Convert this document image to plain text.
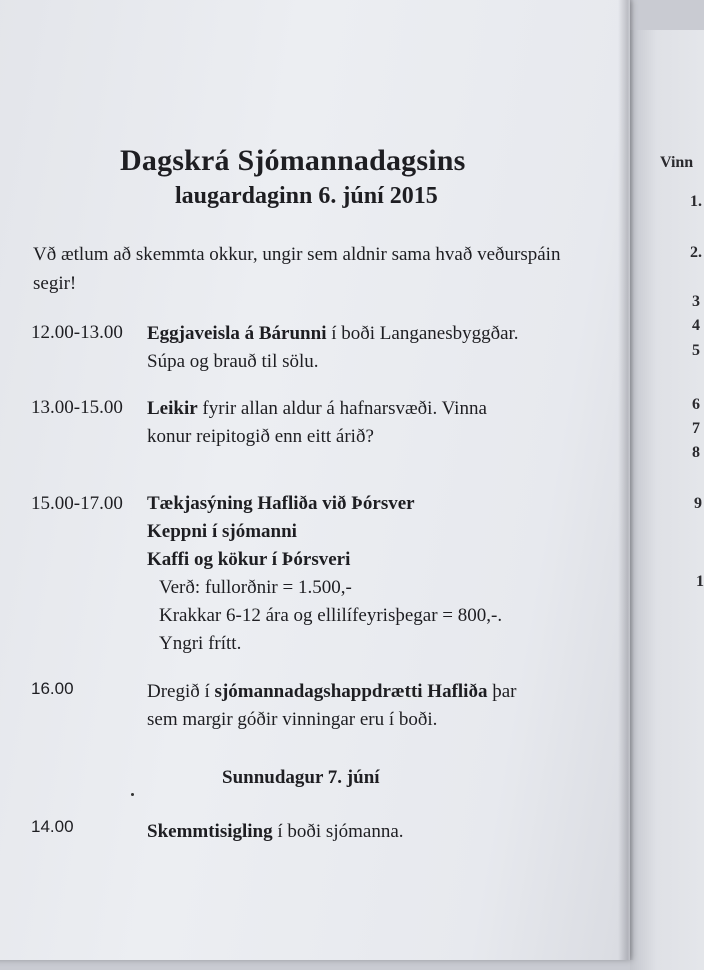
Dagskrá Sjómannadagsins
laugardaginn 6. júní 2015
Vð ætlum að skemmta okkur, ungir sem aldnir sama hvað veðurspáin segir!
12.00-13.00 Eggjaveisla á Bárunni í boði Langanesbyggðar.
Súpa og brauð til sölu.
13.00-15.00 Leikir fyrir allan aldur á hafnarsvæði. Vinna
konur reipitogið enn eitt árið?
15.00-17.00 Tækjasýning Hafliða við Þórsver
Keppni í sjómanni
Kaffi og kökur í Þórsveri
Verð: fullorðnir = 1.500,-
Krakkar 6-12 ára og ellilífeyrisþegar = 800,-.
Yngri frítt.
16.00	Dregið í sjómannadagshappdrætti Hafliða þar
sem margir góðir vinningar eru í boði.
Sunnudagur 7. júní
14.00	Skemmtisigling í boði sjómanna.
Vinn
1.
2.
3
4
5
6
7
8
9
1
